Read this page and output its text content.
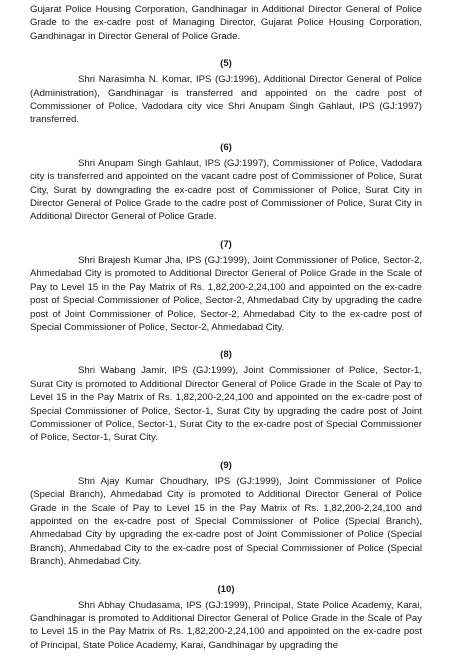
Gujarat Police Housing Corporation, Gandhinagar in Additional Director General of Police Grade to the ex-cadre post of Managing Director, Gujarat Police Housing Corporation, Gandhinagar in Director General of Police Grade.

(5)

Shri Narasimha N. Komar, IPS (GJ:1996), Additional Director General of Police (Administration), Gandhinagar is transferred and appointed on the cadre post of Commissioner of Police, Vadodara city vice Shri Anupam Singh Gahlaut, IPS (GJ:1997) transferred.

(6)

Shri Anupam Singh Gahlaut, IPS (GJ:1997), Commissioner of Police, Vadodara city is transferred and appointed on the vacant cadre post of Commissioner of Police, Surat City, Surat by downgrading the ex-cadre post of Commissioner of Police, Surat City in Director General of Police Grade to the cadre post of Commissioner of Police, Surat City in Additional Director General of Police Grade.

(7)

Shri Brajesh Kumar Jha, IPS (GJ:1999), Joint Commissioner of Police, Sector-2, Ahmedabad City is promoted to Additional Director General of Police Grade in the Scale of Pay to Level 15 in the Pay Matrix of Rs. 1,82,200-2,24,100 and appointed on the ex-cadre post of Special Commissioner of Police, Sector-2, Ahmedabad City by upgrading the cadre post of Joint Commissioner of Police, Sector-2, Ahmedabad City to the ex-cadre post of Special Commissioner of Police, Sector-2, Ahmedabad City.

(8)

Shri Wabang Jamir, IPS (GJ:1999), Joint Commissioner of Police, Sector-1, Surat City is promoted to Additional Director General of Police Grade in the Scale of Pay to Level 15 in the Pay Matrix of Rs. 1,82,200-2,24,100 and appointed on the ex-cadre post of Special Commissioner of Police, Sector-1, Surat City by upgrading the cadre post of Joint Commissioner of Police, Sector-1, Surat City to the ex-cadre post of Special Commissioner of Police, Sector-1, Surat City.

(9)

Shri Ajay Kumar Choudhary, IPS (GJ:1999), Joint Commissioner of Police (Special Branch), Ahmedabad City is promoted to Additional Director General of Police Grade in the Scale of Pay to Level 15 in the Pay Matrix of Rs. 1,82,200-2,24,100 and appointed on the ex-cadre post of Special Commissioner of Police (Special Branch), Ahmedabad City by upgrading the ex-cadre post of Joint Commissioner of Police (Special Branch), Ahmedabad City to the ex-cadre post of Special Commissioner of Police (Special Branch), Ahmedabad City.

(10)

Shri Abhay Chudasama, IPS (GJ:1999), Principal, State Police Academy, Karai, Gandhinagar is promoted to Additional Director General of Police Grade in the Scale of Pay to Level 15 in the Pay Matrix of Rs. 1,82,200-2,24,100 and appointed on the ex-cadre post of Principal, State Police Academy, Karai, Gandhinagar by upgrading the
